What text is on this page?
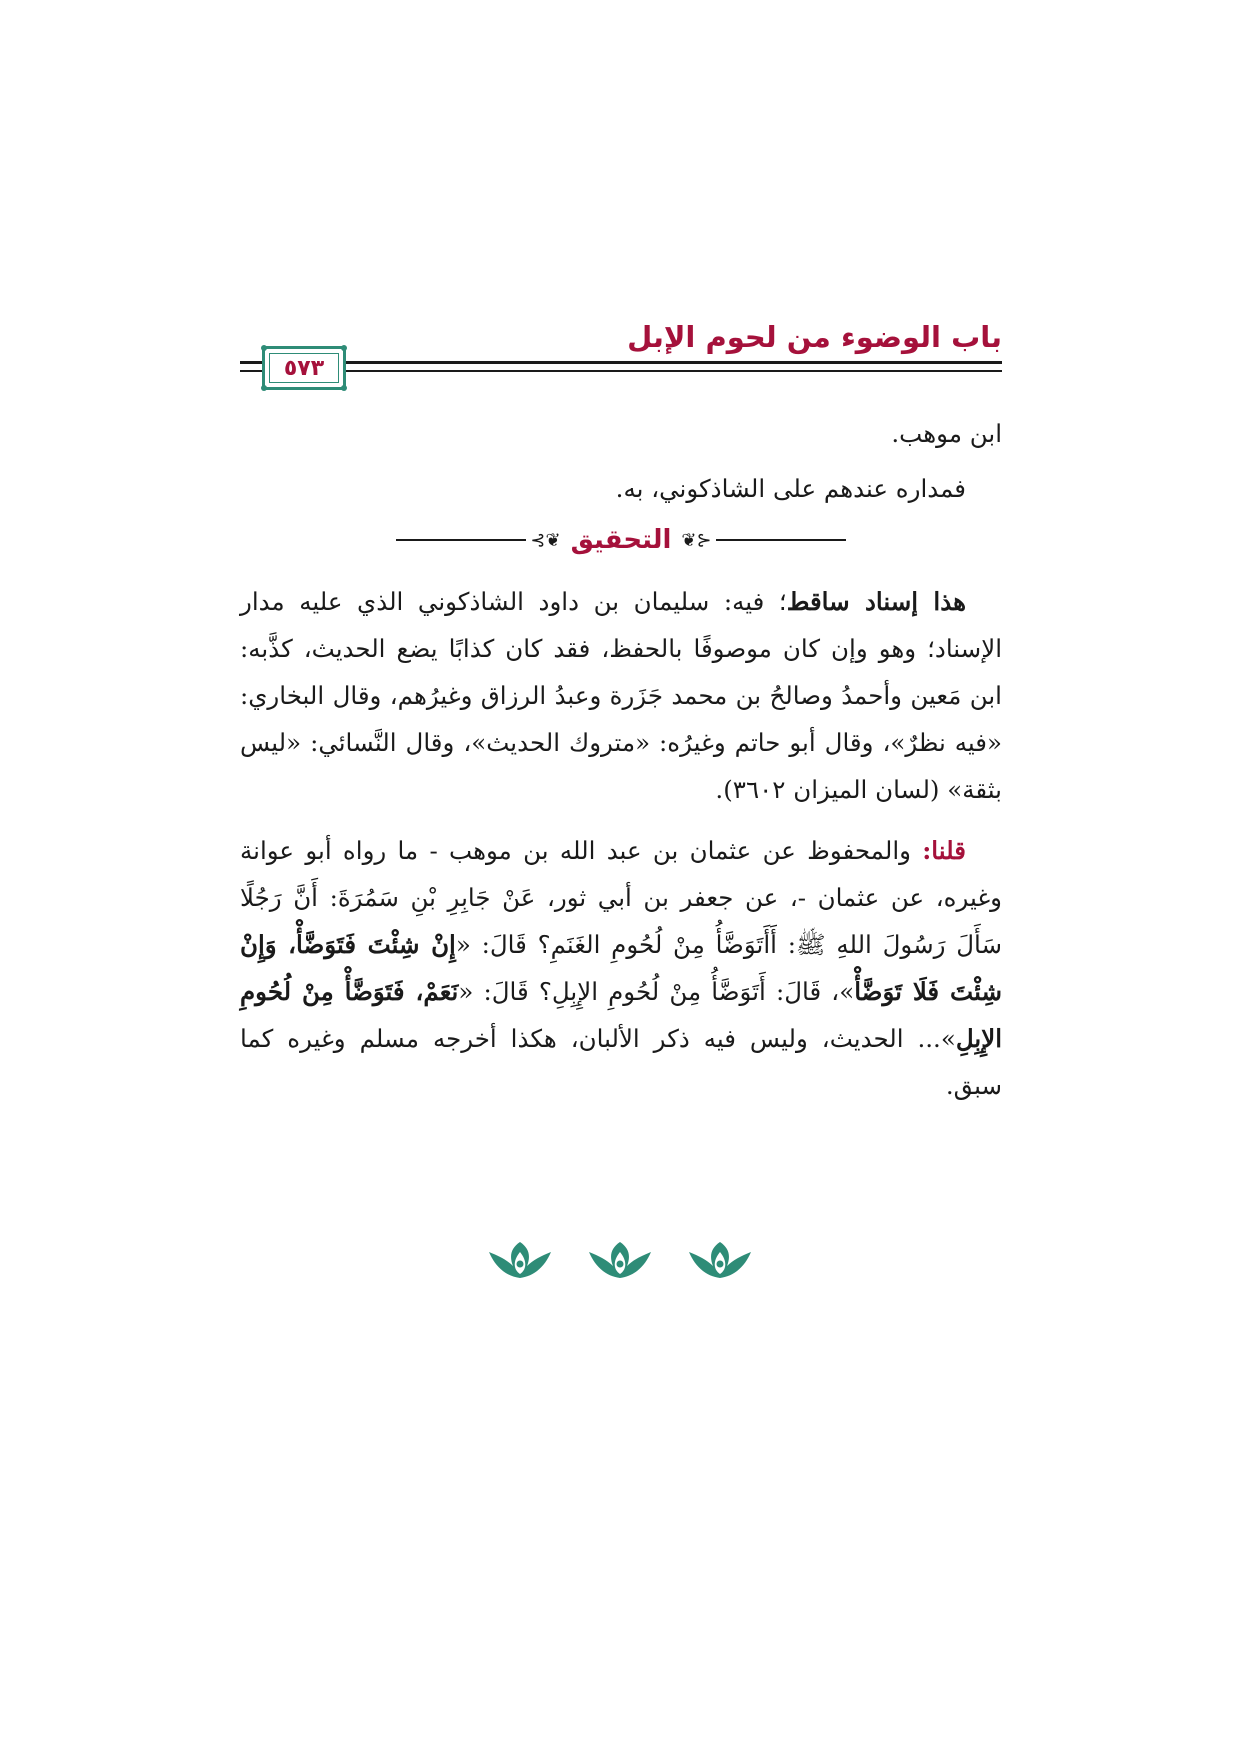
باب الوضوء من لحوم الإبل
٥٧٣

ابن موهب.

فمداره عندهم على الشاذكوني، به.

⊰❦ التحقيق ❦⊱

هذا إسناد ساقط؛ فيه: سليمان بن داود الشاذكوني الذي عليه مدار الإسناد؛ وهو وإن كان موصوفًا بالحفظ، فقد كان كذابًا يضع الحديث، كذَّبه: ابن مَعين وأحمدُ وصالحُ بن محمد جَزَرة وعبدُ الرزاق وغيرُهم، وقال البخاري: «فيه نظرٌ»، وقال أبو حاتم وغيرُه: «متروك الحديث»، وقال النَّسائي: «ليس بثقة» (لسان الميزان ٣٦٠٢).

قلنا: والمحفوظ عن عثمان بن عبد الله بن موهب - ما رواه أبو عوانة وغيره، عن عثمان -، عن جعفر بن أبي ثور، عَنْ جَابِرِ بْنِ سَمُرَةَ: أَنَّ رَجُلًا سَأَلَ رَسُولَ اللهِ ﷺ: أَأَتَوَضَّأُ مِنْ لُحُومِ الغَنَمِ؟ قَالَ: «إِنْ شِئْتَ فَتَوَضَّأْ، وَإِنْ شِئْتَ فَلَا تَوَضَّأْ»، قَالَ: أَتَوَضَّأُ مِنْ لُحُومِ الإِبِلِ؟ قَالَ: «نَعَمْ، فَتَوَضَّأْ مِنْ لُحُومِ الإِبِلِ»... الحديث، وليس فيه ذكر الألبان، هكذا أخرجه مسلم وغيره كما سبق.
